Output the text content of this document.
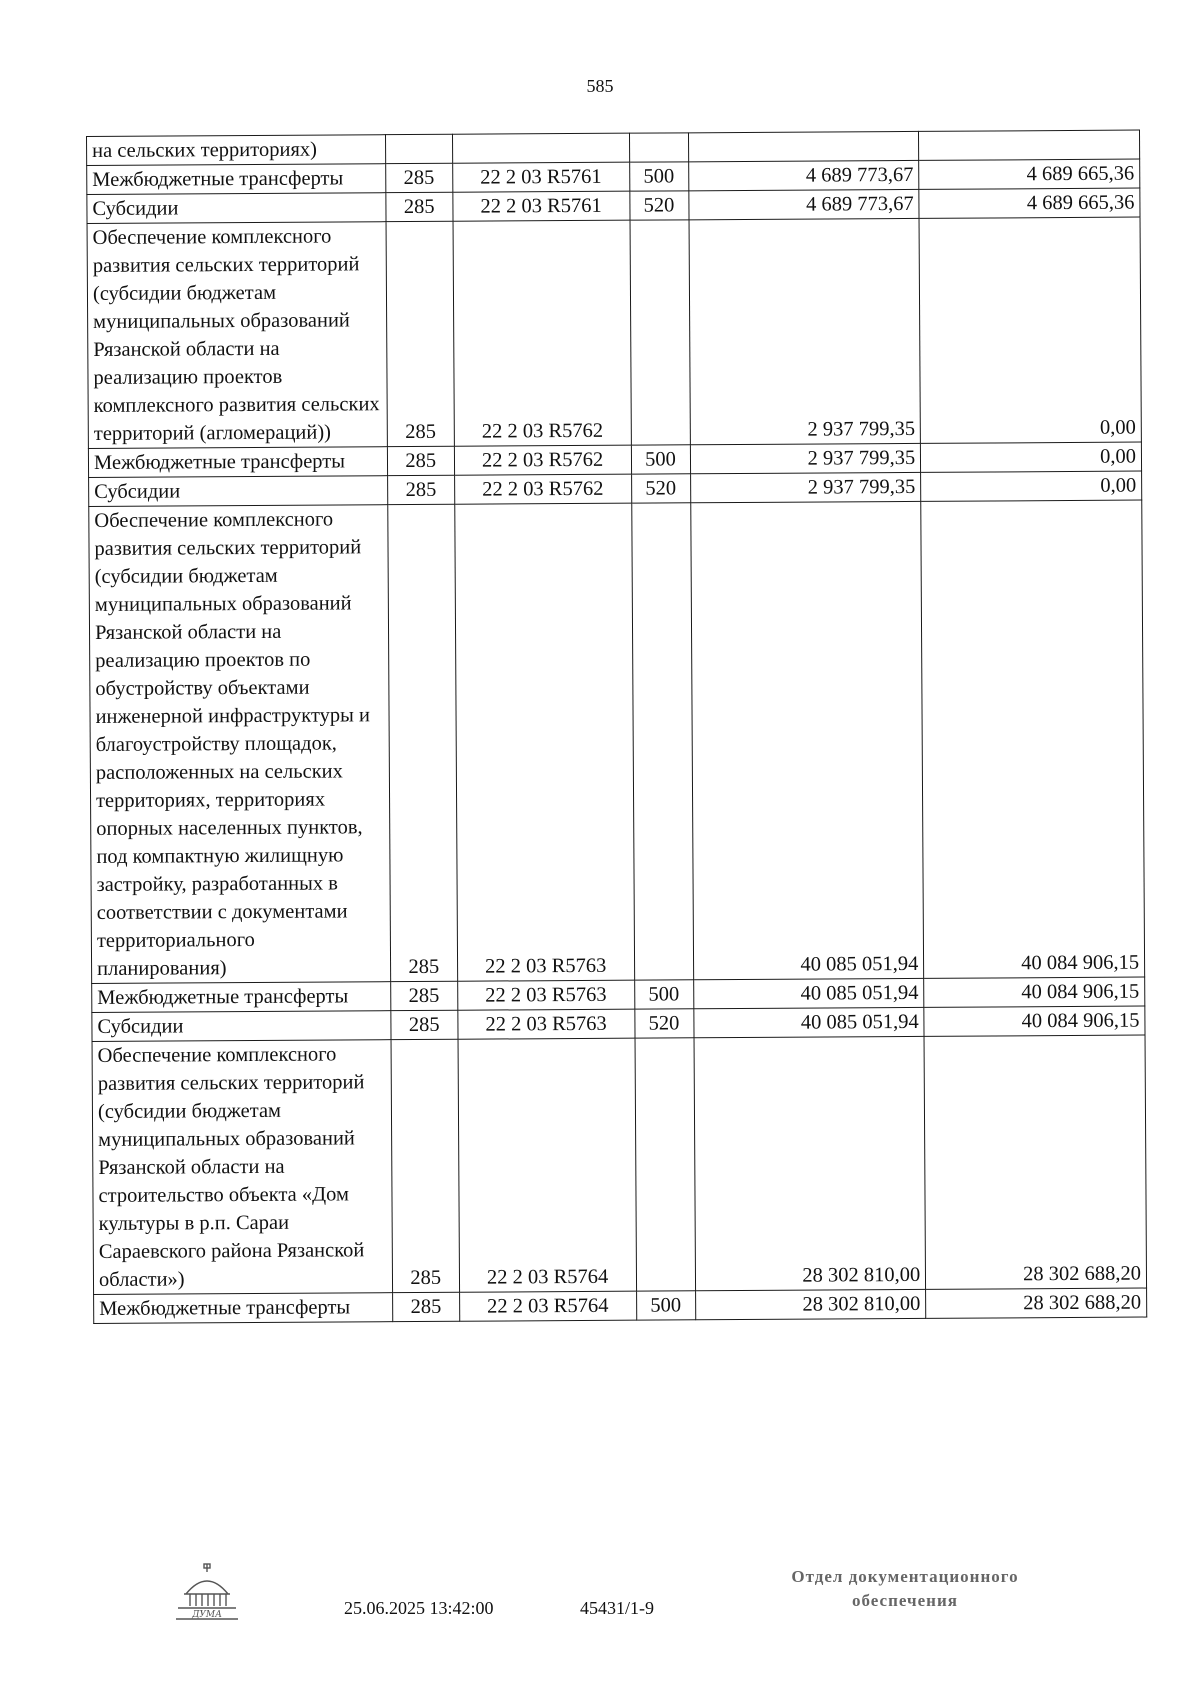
585
на сельских территориях)					
Межбюджетные трансферты	285	22 2 03 R5761	500	4 689 773,67	4 689 665,36
Субсидии	285	22 2 03 R5761	520	4 689 773,67	4 689 665,36
Обеспечение комплексного развития сельских территорий (субсидии бюджетам муниципальных образований Рязанской области на реализацию проектов комплексного развития сельских территорий (агломераций))	285	22 2 03 R5762		2 937 799,35	0,00
Межбюджетные трансферты	285	22 2 03 R5762	500	2 937 799,35	0,00
Субсидии	285	22 2 03 R5762	520	2 937 799,35	0,00
Обеспечение комплексного развития сельских территорий (субсидии бюджетам муниципальных образований Рязанской области на реализацию проектов по обустройству объектами инженерной инфраструктуры и благоустройству площадок, расположенных на сельских территориях, территориях опорных населенных пунктов, под компактную жилищную застройку, разработанных в соответствии с документами территориального планирования)	285	22 2 03 R5763		40 085 051,94	40 084 906,15
Межбюджетные трансферты	285	22 2 03 R5763	500	40 085 051,94	40 084 906,15
Субсидии	285	22 2 03 R5763	520	40 085 051,94	40 084 906,15
Обеспечение комплексного развития сельских территорий (субсидии бюджетам муниципальных образований Рязанской области на строительство объекта «Дом культуры в р.п. Сараи Сараевского района Рязанской области»)	285	22 2 03 R5764		28 302 810,00	28 302 688,20
Межбюджетные трансферты	285	22 2 03 R5764	500	28 302 810,00	28 302 688,20
ДУМА	25.06.2025 13:42:00	45431/1-9
Отдел документационного
обеспечения
